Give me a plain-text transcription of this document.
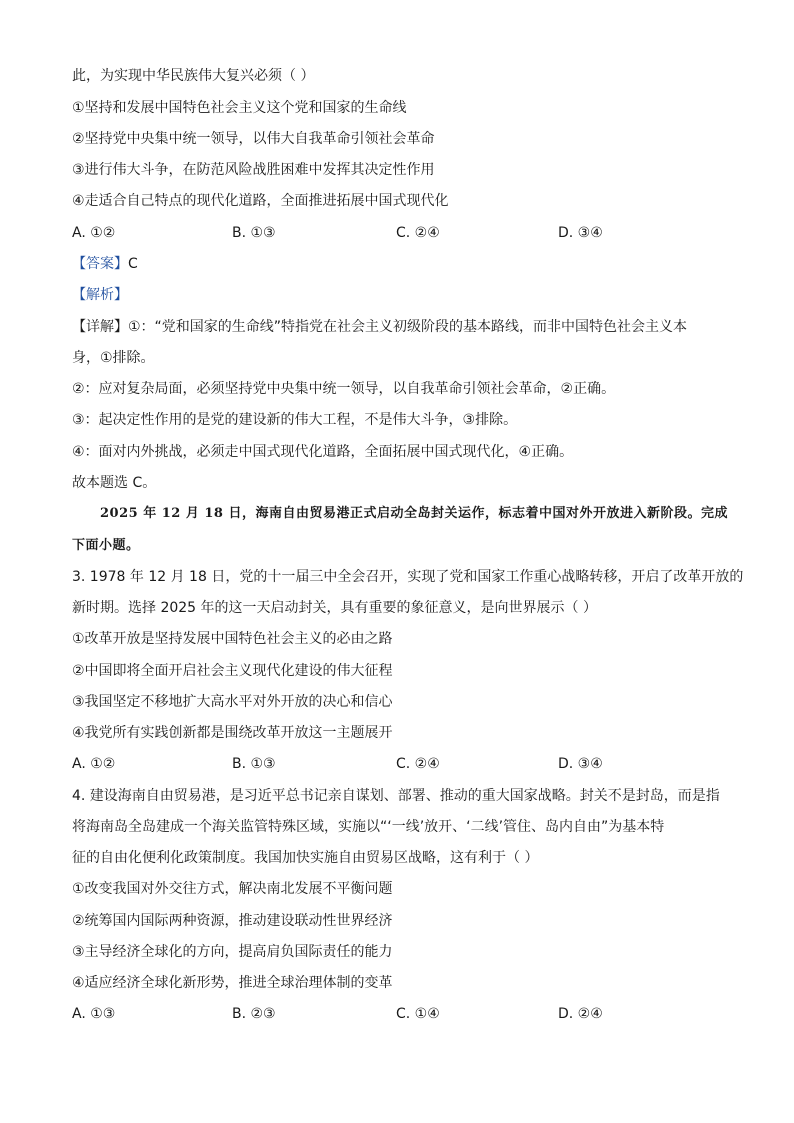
此，为实现中华民族伟大复兴必须（ ）
①坚持和发展中国特色社会主义这个党和国家的生命线
②坚持党中央集中统一领导，以伟大自我革命引领社会革命
③进行伟大斗争，在防范风险战胜困难中发挥其决定性作用
④走适合自己特点的现代化道路，全面推进拓展中国式现代化
A. ①②	B. ①③	C. ②④	D. ③④
【答案】C
【解析】
【详解】①：“党和国家的生命线”特指党在社会主义初级阶段的基本路线，而非中国特色社会主义本
身，①排除。
②：应对复杂局面，必须坚持党中央集中统一领导，以自我革命引领社会革命，②正确。
③：起决定性作用的是党的建设新的伟大工程，不是伟大斗争，③排除。
④：面对内外挑战，必须走中国式现代化道路，全面拓展中国式现代化，④正确。
故本题选 C。
2025 年 12 月 18 日，海南自由贸易港正式启动全岛封关运作，标志着中国对外开放进入新阶段。完成
下面小题。
3. 1978 年 12 月 18 日，党的十一届三中全会召开，实现了党和国家工作重心战略转移，开启了改革开放的
新时期。选择 2025 年的这一天启动封关，具有重要的象征意义，是向世界展示（ ）
①改革开放是坚持发展中国特色社会主义的必由之路
②中国即将全面开启社会主义现代化建设的伟大征程
③我国坚定不移地扩大高水平对外开放的决心和信心
④我党所有实践创新都是围绕改革开放这一主题展开
A. ①②	B. ①③	C. ②④	D. ③④
4. 建设海南自由贸易港，是习近平总书记亲自谋划、部署、推动的重大国家战略。封关不是封岛，而是指
将海南岛全岛建成一个海关监管特殊区域，实施以“‘一线’放开、‘二线’管住、岛内自由”为基本特
征的自由化便利化政策制度。我国加快实施自由贸易区战略，这有利于（ ）
①改变我国对外交往方式，解决南北发展不平衡问题
②统筹国内国际两种资源，推动建设联动性世界经济
③主导经济全球化的方向，提高肩负国际责任的能力
④适应经济全球化新形势，推进全球治理体制的变革
A. ①③	B. ②③	C. ①④	D. ②④
